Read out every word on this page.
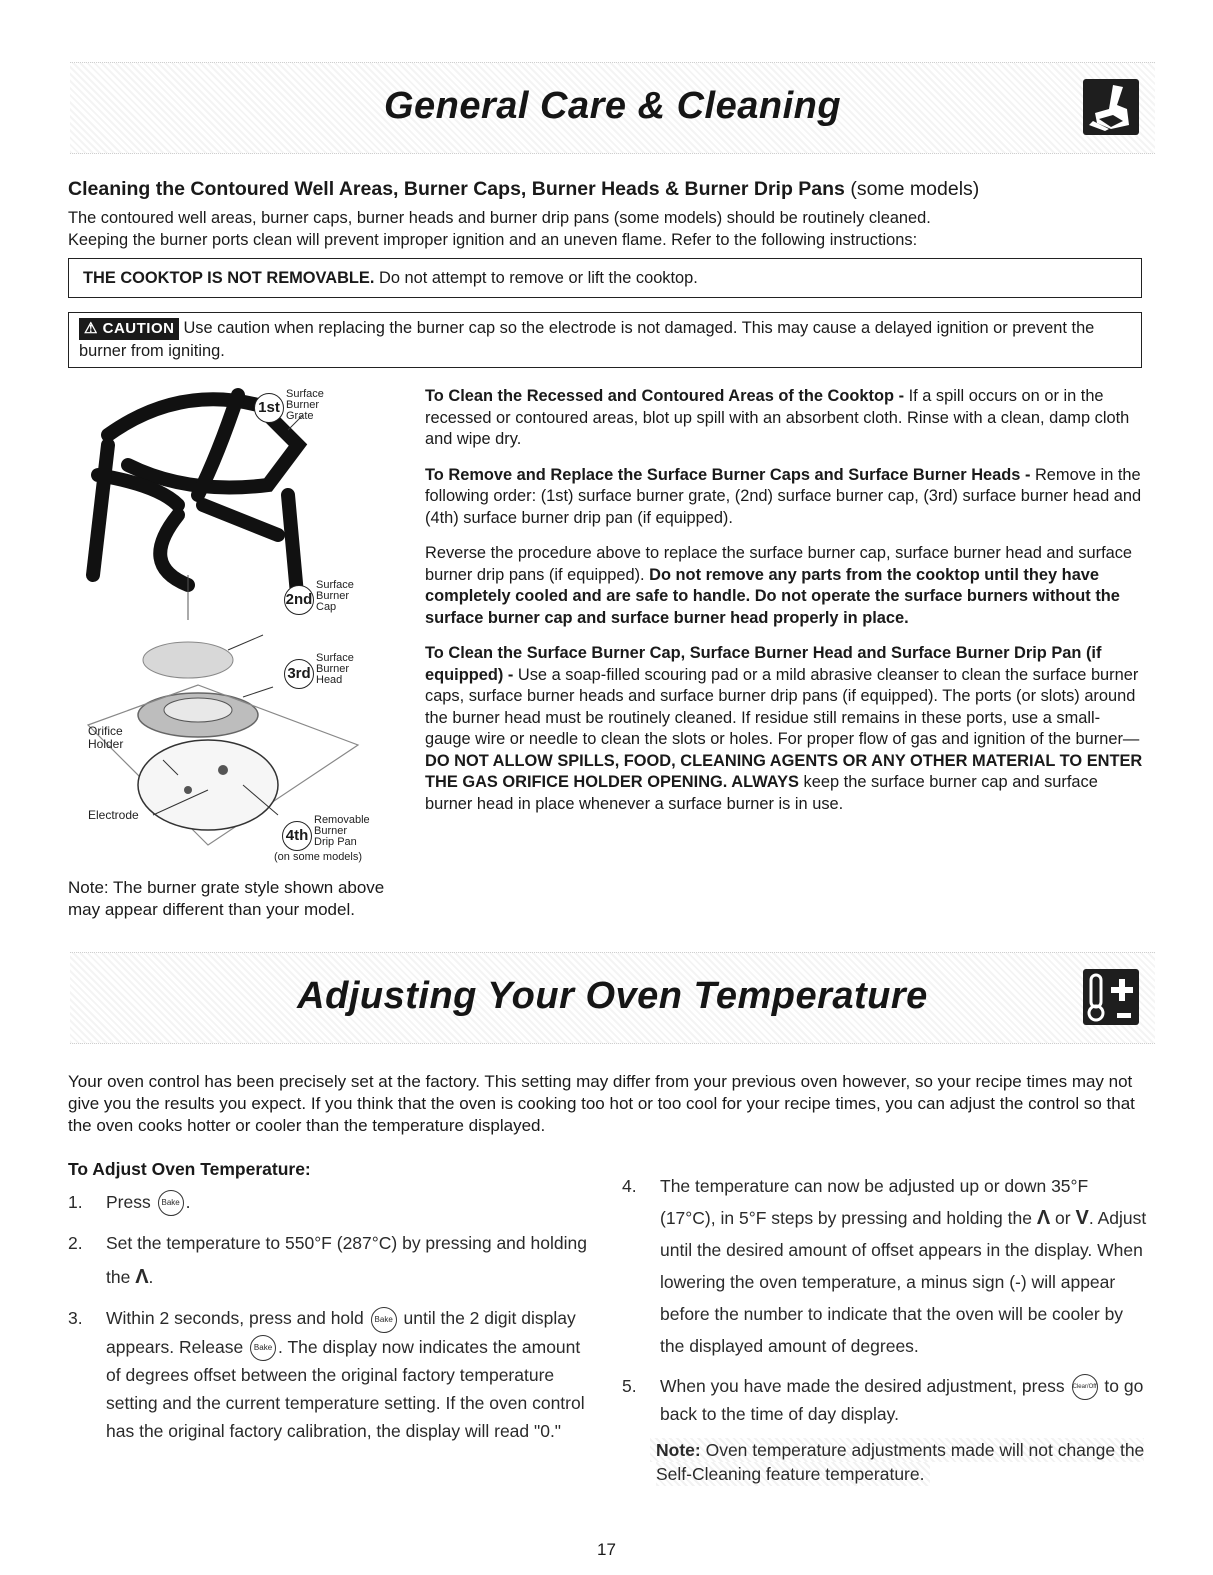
General Care & Cleaning
Cleaning the Contoured Well Areas, Burner Caps, Burner Heads & Burner Drip Pans (some models)
The contoured well areas, burner caps, burner heads and burner drip pans (some models) should be routinely cleaned.
Keeping the burner ports clean will prevent improper ignition and an uneven flame. Refer to the following instructions:
THE COOKTOP IS NOT REMOVABLE. Do not attempt to remove or lift the cooktop.
⚠ CAUTION Use caution when replacing the burner cap so the electrode is not damaged. This may cause a delayed ignition or prevent the burner from igniting.
1st
Surface
Burner
Grate
2nd
Surface
Burner
Cap
3rd
Surface
Burner
Head
4th
Removable
Burner
Drip Pan
(on some models)
Orifice
Holder
Electrode
Note: The burner grate style shown above may appear different than your model.

To Clean the Recessed and Contoured Areas of the Cooktop - If a spill occurs on or in the recessed or contoured areas, blot up spill with an absorbent cloth. Rinse with a clean, damp cloth and wipe dry.

To Remove and Replace the Surface Burner Caps and Surface Burner Heads - Remove in the following order: (1st) surface burner grate, (2nd) surface burner cap, (3rd) surface burner head and (4th) surface burner drip pan (if equipped).

Reverse the procedure above to replace the surface burner cap, surface burner head and surface burner drip pans (if equipped). Do not remove any parts from the cooktop until they have completely cooled and are safe to handle. Do not operate the surface burners without the surface burner cap and surface burner head properly in place.

To Clean the Surface Burner Cap, Surface Burner Head and Surface Burner Drip Pan (if equipped) - Use a soap-filled scouring pad or a mild abrasive cleanser to clean the surface burner caps, surface burner heads and surface burner drip pans (if equipped). The ports (or slots) around the burner head must be routinely cleaned. If residue still remains in these ports, use a small-gauge wire or needle to clean the slots or holes. For proper flow of gas and ignition of the burner—DO NOT ALLOW SPILLS, FOOD, CLEANING AGENTS OR ANY OTHER MATERIAL TO ENTER THE GAS ORIFICE HOLDER OPENING. ALWAYS keep the surface burner cap and surface burner head in place whenever a surface burner is in use.

Adjusting Your Oven Temperature
Your oven control has been precisely set at the factory. This setting may differ from your previous oven however, so your recipe times may not give you the results you expect. If you think that the oven is cooking too hot or too cool for your recipe times, you can adjust the control so that the oven cooks hotter or cooler than the temperature displayed.
To Adjust Oven Temperature:
1. Press Bake .
2. Set the temperature to 550°F (287°C) by pressing and holding the Λ.
3. Within 2 seconds, press and hold Bake until the 2 digit display appears. Release Bake . The display now indicates the amount of degrees offset between the original factory temperature setting and the current temperature setting. If the oven control has the original factory calibration, the display will read "0."
4. The temperature can now be adjusted up or down 35°F (17°C), in 5°F steps by pressing and holding the Λ or V. Adjust until the desired amount of offset appears in the display. When lowering the oven temperature, a minus sign (-) will appear before the number to indicate that the oven will be cooler by the displayed amount of degrees.
5. When you have made the desired adjustment, press Clear/Off to go back to the time of day display.
Note: Oven temperature adjustments made will not change the Self-Cleaning feature temperature.
17
